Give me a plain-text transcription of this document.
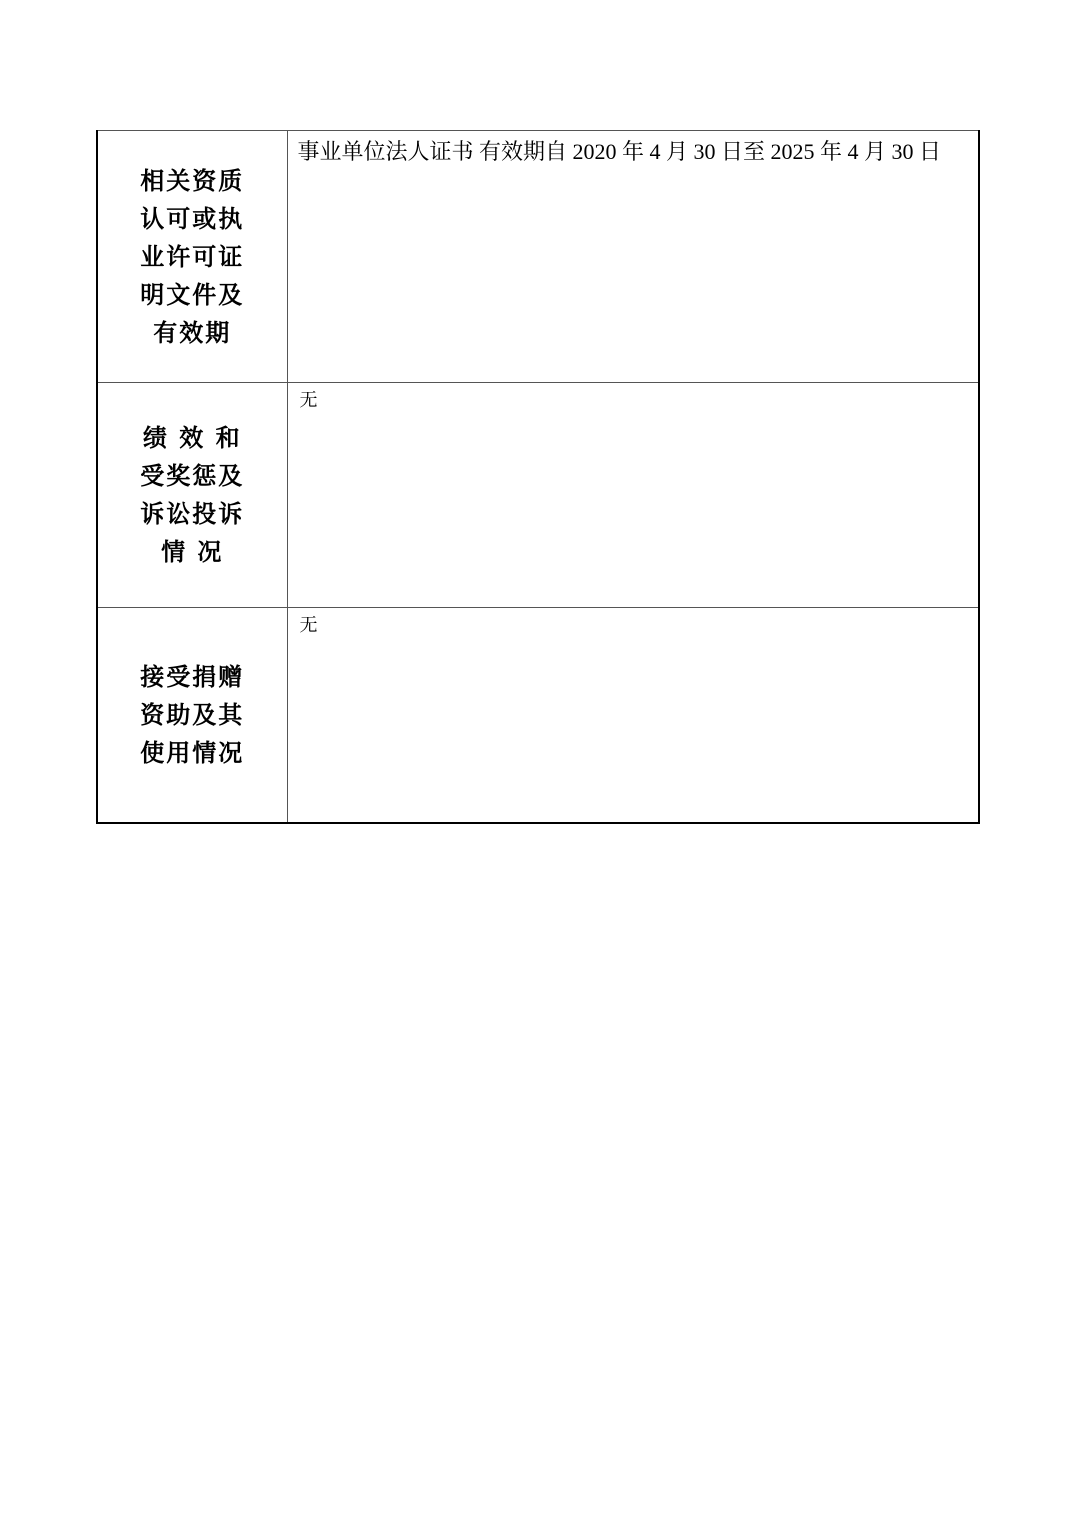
相关资质
认可或执
业许可证
明文件及
有效期	事业单位法人证书 有效期自 2020 年 4 月 30 日至 2025 年 4 月 30 日

绩 效 和
受奖惩及
诉讼投诉
情 况	无

接受捐赠
资助及其
使用情况	无
